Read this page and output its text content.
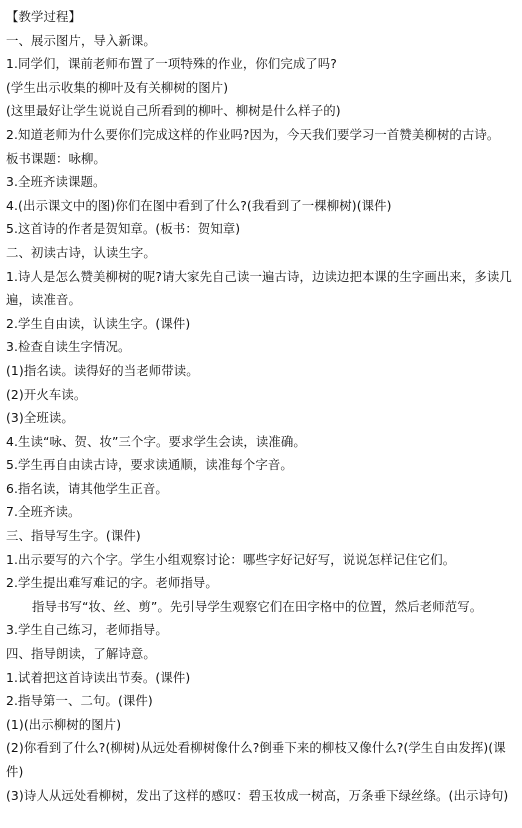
【教学过程】
一、展示图片，导入新课。
1.同学们，课前老师布置了一项特殊的作业，你们完成了吗?
(学生出示收集的柳叶及有关柳树的图片)
(这里最好让学生说说自己所看到的柳叶、柳树是什么样子的)
2.知道老师为什么要你们完成这样的作业吗?因为，今天我们要学习一首赞美柳树的古诗。
板书课题：咏柳。
3.全班齐读课题。
4.(出示课文中的图)你们在图中看到了什么?(我看到了一棵柳树)(课件)
5.这首诗的作者是贺知章。(板书：贺知章)
二、初读古诗，认读生字。
1.诗人是怎么赞美柳树的呢?请大家先自己读一遍古诗，边读边把本课的生字画出来，多读几遍，读准音。
2.学生自由读，认读生字。(课件)
3.检查自读生字情况。
(1)指名读。读得好的当老师带读。
(2)开火车读。
(3)全班读。
4.生读“咏、贺、妆”三个字。要求学生会读，读准确。
5.学生再自由读古诗，要求读通顺，读准每个字音。
6.指名读，请其他学生正音。
7.全班齐读。
三、指导写生字。(课件)
1.出示要写的六个字。学生小组观察讨论：哪些字好记好写，说说怎样记住它们。
2.学生提出难写难记的字。老师指导。
指导书写“妆、丝、剪”。先引导学生观察它们在田字格中的位置，然后老师范写。
3.学生自己练习，老师指导。
四、指导朗读，了解诗意。
1.试着把这首诗读出节奏。(课件)
2.指导第一、二句。(课件)
(1)(出示柳树的图片)
(2)你看到了什么?(柳树)从远处看柳树像什么?倒垂下来的柳枝又像什么?(学生自由发挥)(课件)
(3)诗人从远处看柳树，发出了这样的感叹：碧玉妆成一树高，万条垂下绿丝绦。(出示诗句)
